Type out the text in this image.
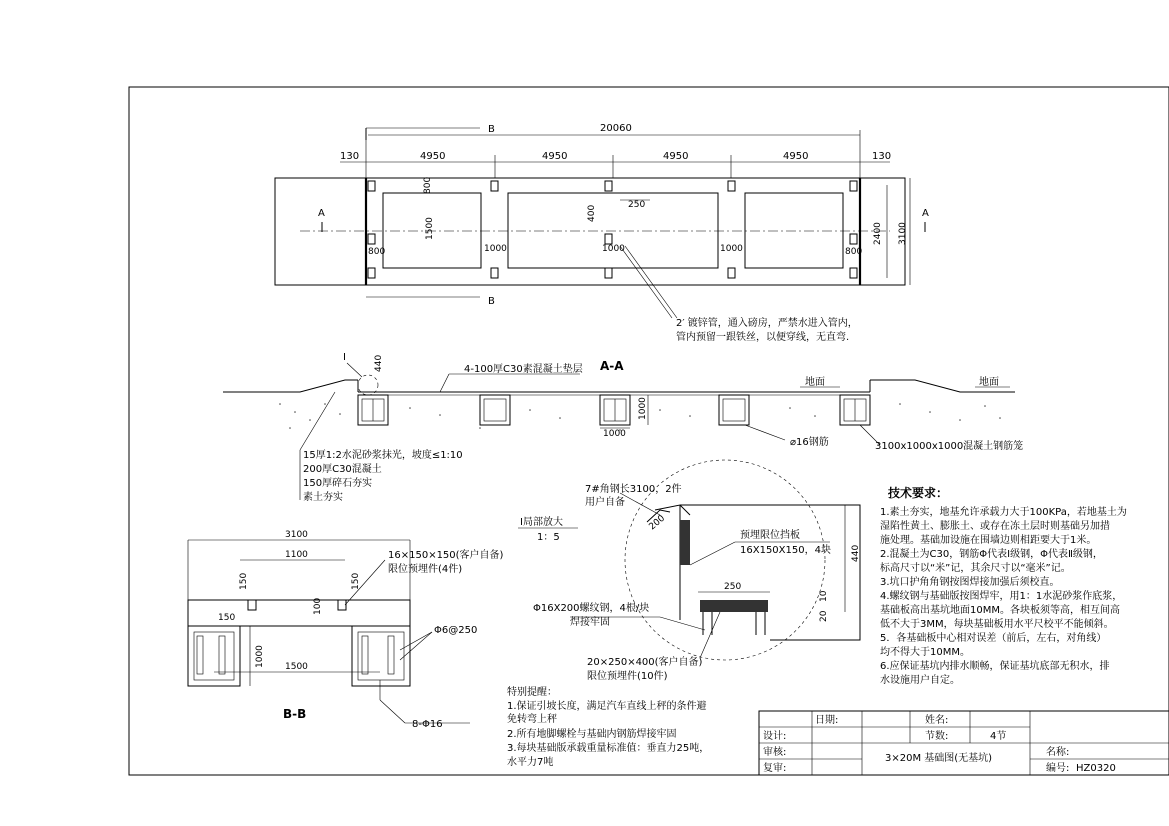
20060
130	4950	4950	4950	4950	130
B
B
A	A
800
1500
800	1000	1000	1000	800
400	250
2400 3100
2′ 镀锌管，通入磅房，严禁水进入管内，
管内预留一跟铁丝，以便穿线，无直弯.
A-A
I	440	4-100厚C30素混凝土垫层
地面	地面
1000
1000
⌀16钢筋	3100x1000x1000混凝土钢筋笼
15厚1:2水泥砂浆抹光，坡度≤1:10
200厚C30混凝土
150厚碎石夯实
素土夯实
I局部放大
1：5
200
250
440
10
20
7#角钢长3100，2件
用户自备
预埋限位挡板
16X150X150，4块
Φ16X200螺纹钢，4根/块
焊接牢固
20×250×400(客户自备)
限位预埋件(10件)
3100
1100
150	150
150
100
1000 1500
16×150×150(客户自备)
限位预埋件(4件)
Φ6@250
8-Φ16
B-B
特别提醒：
1.保证引坡长度，满足汽车直线上秤的条件避
免转弯上秤
2.所有地脚螺栓与基础内钢筋焊接牢固
3.每块基础版承载重量标准值：垂直力25吨，
水平力7吨
技术要求：
1.素土夯实，地基允许承载力大于100KPa，若地基土为
湿陷性黄土、膨胀土、或存在冻土层时则基础另加措
施处理。基础加设施在围墙边则相距要大于1米。
2.混凝土为C30，钢筋Φ代表Ⅰ级钢，Φ代表Ⅱ级钢，
标高尺寸以“米”记，其余尺寸以“毫米”记。
3.坑口护角角钢按图焊接加强后须校直。
4.螺纹钢与基础版按图焊牢，用1：1水泥砂浆作底浆，
基础板高出基坑地面10MM。各块板须等高，相互间高
低不大于3MM，每块基础板用水平尺校平不能倾斜。
5．各基础板中心相对误差（前后，左右，对角线）
均不得大于10MM。
6.应保证基坑内排水顺畅，保证基坑底部无积水，排
水设施用户自定。
日期:	姓名:
设计:	节数:	4节
审核:
复审:
3×20M 基础图(无基坑)
名称:
编号: HZ0320
